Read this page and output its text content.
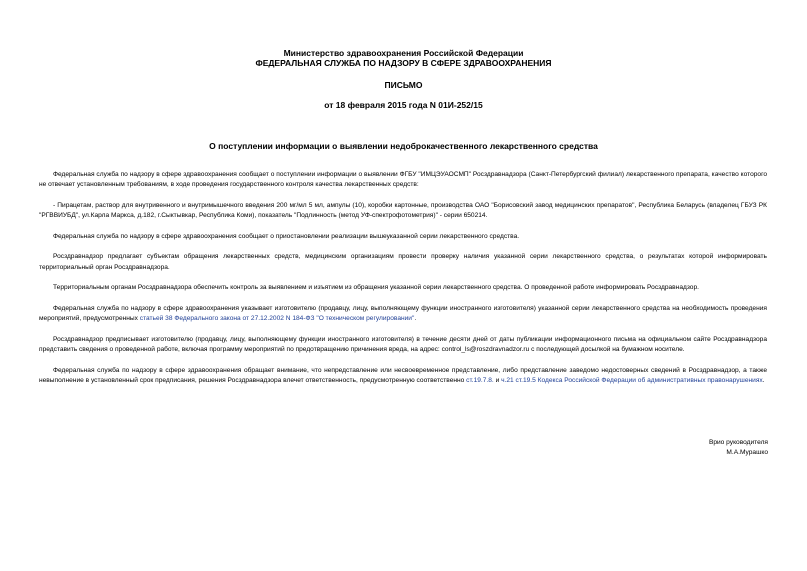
Министерство здравоохранения Российской Федерации
ФЕДЕРАЛЬНАЯ СЛУЖБА ПО НАДЗОРУ В СФЕРЕ ЗДРАВООХРАНЕНИЯ
ПИСЬМО
от 18 февраля 2015 года N 01И-252/15
О поступлении информации о выявлении недоброкачественного лекарственного средства

Федеральная служба по надзору в сфере здравоохранения сообщает о поступлении информации о выявлении ФГБУ "ИМЦЭУАОСМП" Росздравнадзора (Санкт-Петербургский филиал) лекарственного препарата, качество которого не отвечает установленным требованиям, в ходе проведения государственного контроля качества лекарственных средств:

- Пирацетам, раствор для внутривенного и внутримышечного введения 200 мг/мл 5 мл, ампулы (10), коробки картонные, производства ОАО "Борисовский завод медицинских препаратов", Республика Беларусь (владелец ГБУЗ РК "РГВВИУБД", ул.Карла Маркса, д.182, г.Сыктывкар, Республика Коми), показатель "Подлинность (метод УФ-спектрофотометрия)" - серии 650214.

Федеральная служба по надзору в сфере здравоохранения сообщает о приостановлении реализации вышеуказанной серии лекарственного средства.

Росздравнадзор предлагает субъектам обращения лекарственных средств, медицинским организациям провести проверку наличия указанной серии лекарственного средства, о результатах которой информировать территориальный орган Росздравнадзора.

Территориальным органам Росздравнадзора обеспечить контроль за выявлением и изъятием из обращения указанной серии лекарственного средства. О проведенной работе информировать Росздравнадзор.

Федеральная служба по надзору в сфере здравоохранения указывает изготовителю (продавцу, лицу, выполняющему функции иностранного изготовителя) указанной серии лекарственного средства на необходимость проведения мероприятий, предусмотренных статьей 38 Федерального закона от 27.12.2002 N 184-ФЗ "О техническом регулировании".

Росздравнадзор предписывает изготовителю (продавцу, лицу, выполняющему функции иностранного изготовителя) в течение десяти дней от даты публикации информационного письма на официальном сайте Росздравнадзора представить сведения о проведенной работе, включая программу мероприятий по предотвращению причинения вреда, на адрес: control_ls@roszdravnadzor.ru с последующей досылкой на бумажном носителе.

Федеральная служба по надзору в сфере здравоохранения обращает внимание, что непредставление или несвоевременное представление, либо представление заведомо недостоверных сведений в Росздравнадзор, а также невыполнение в установленный срок предписания, решения Росздравнадзора влечет ответственность, предусмотренную соответственно ст.19.7.8. и ч.21 ст.19.5 Кодекса Российской Федерации об административных правонарушениях.

Врио руководителя
М.А.Мурашко
